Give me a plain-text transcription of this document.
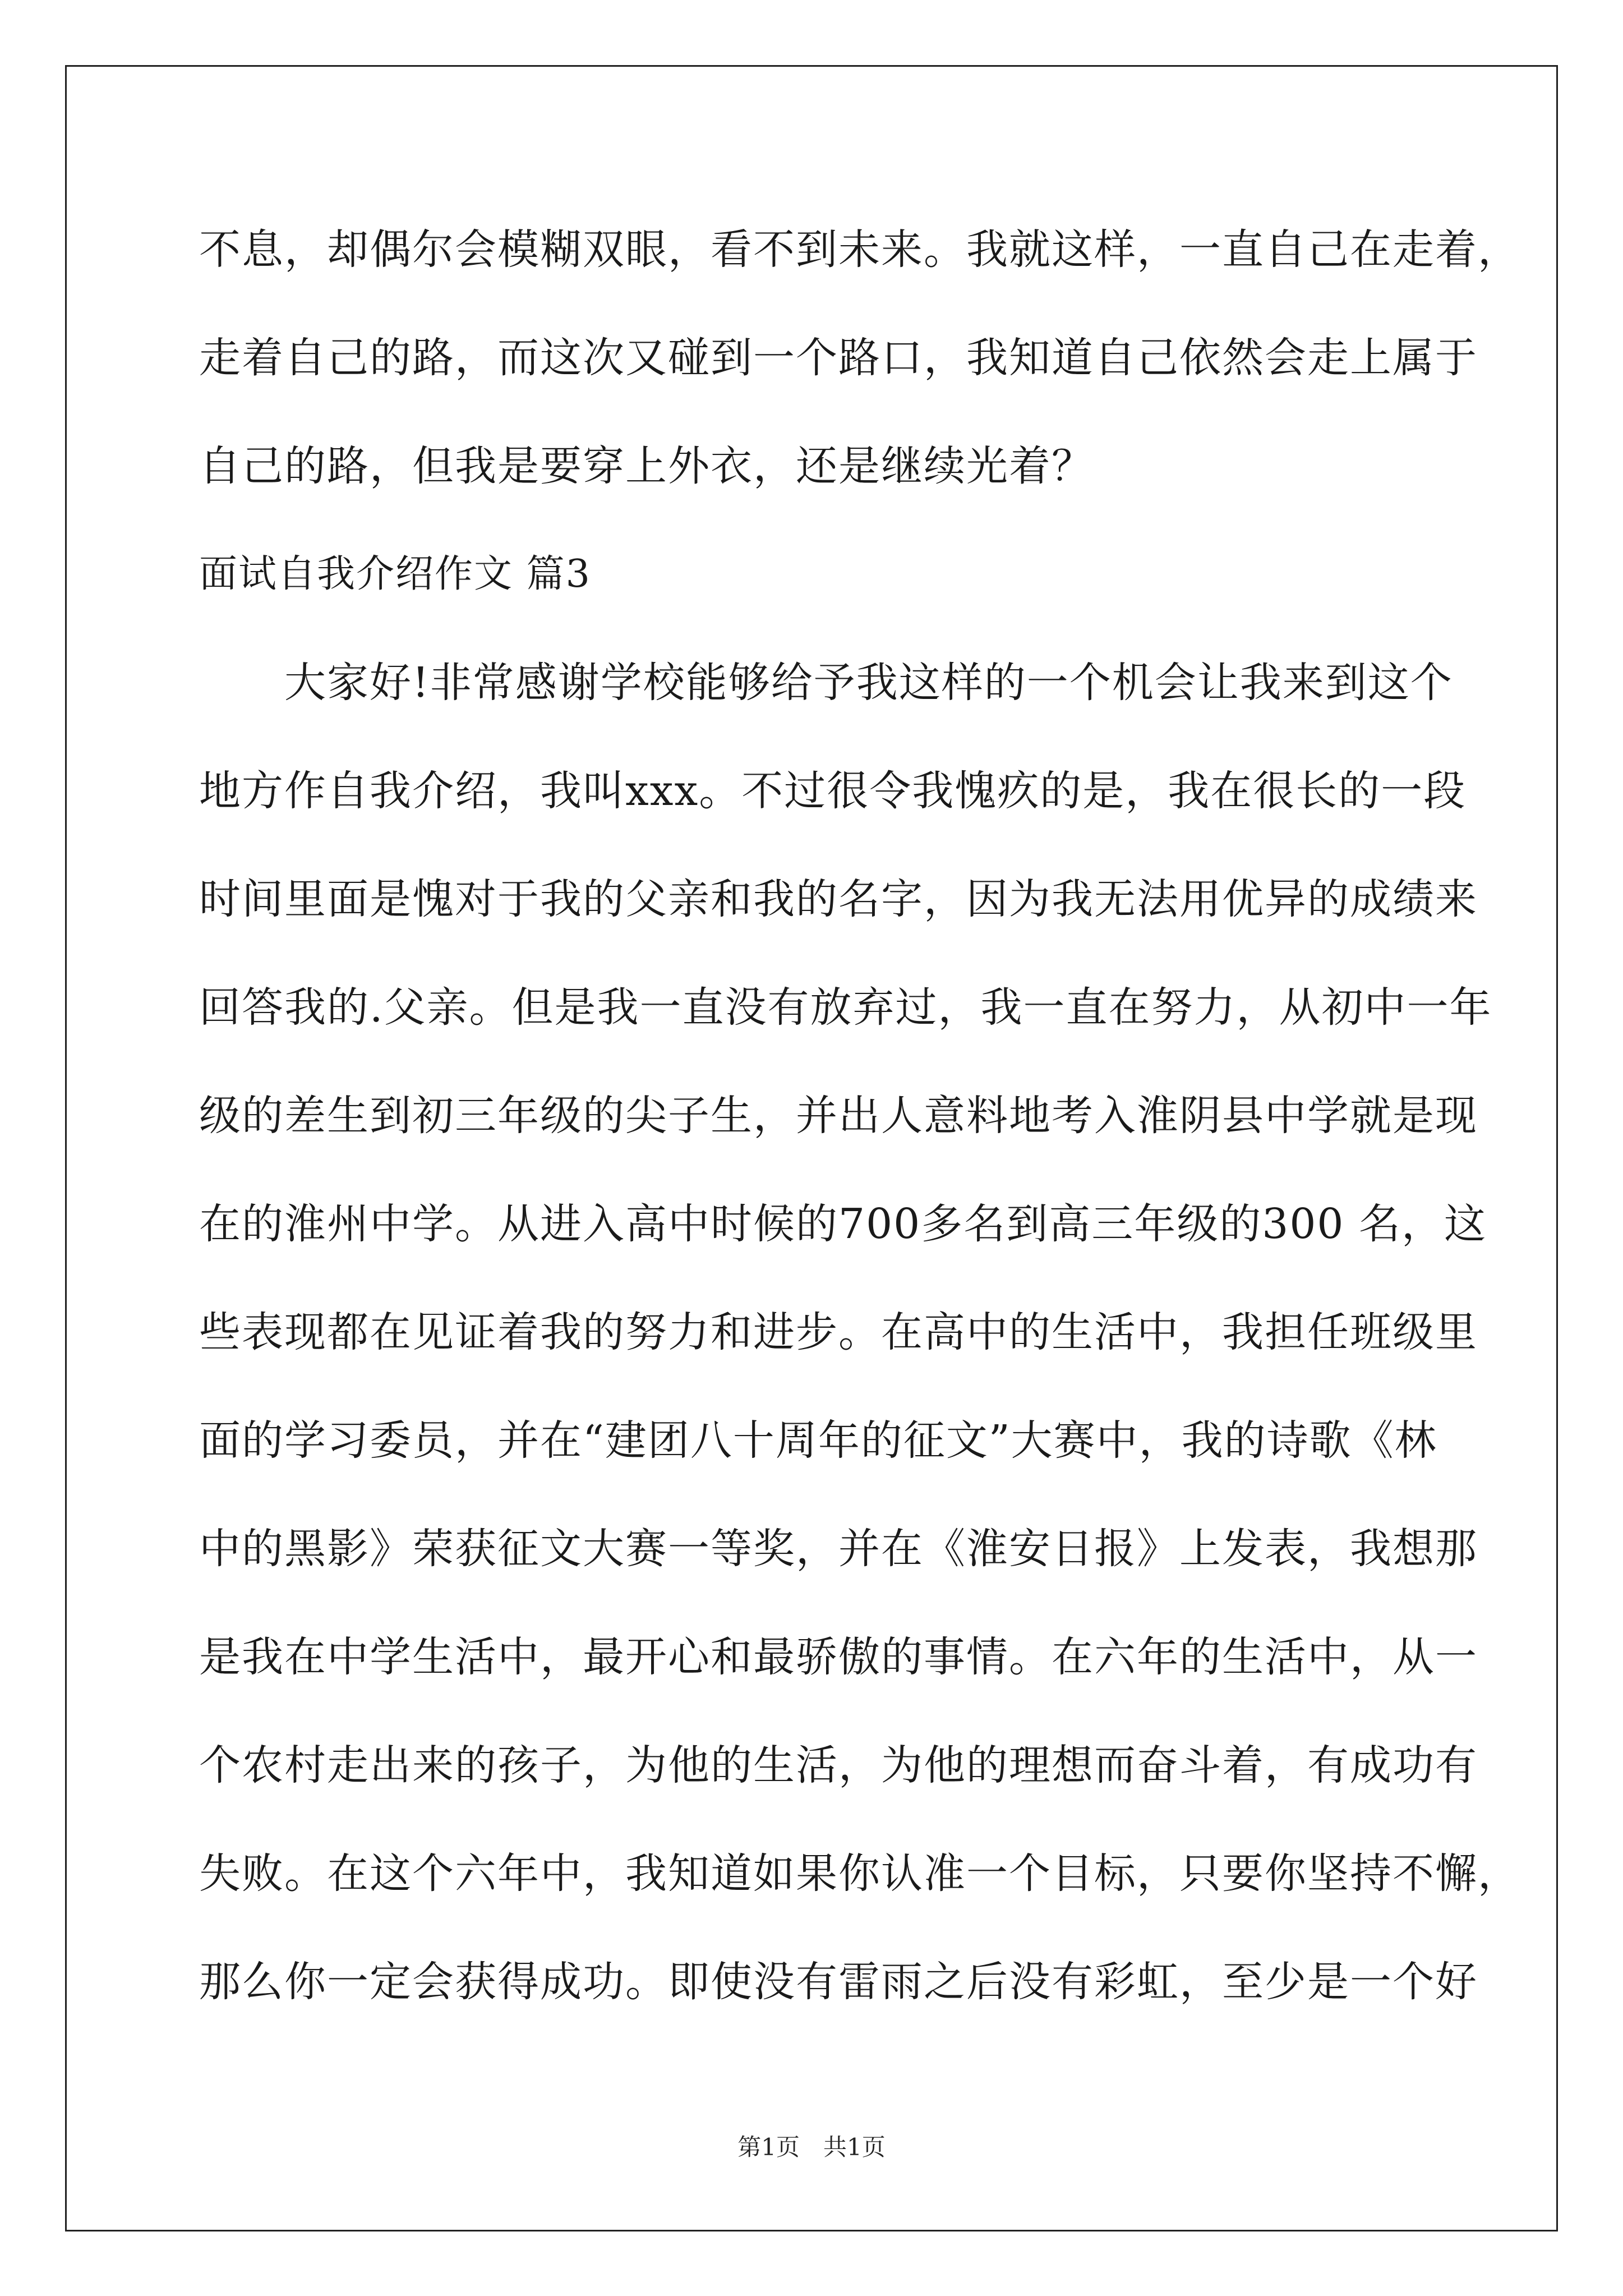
不息，却偶尔会模糊双眼，看不到未来。我就这样，一直自己在走着，
走着自己的路，而这次又碰到一个路口，我知道自己依然会走上属于
自己的路，但我是要穿上外衣，还是继续光着？
面试自我介绍作文 篇3
　　大家好!非常感谢学校能够给予我这样的一个机会让我来到这个
地方作自我介绍，我叫xxx。不过很令我愧疚的是，我在很长的一段
时间里面是愧对于我的父亲和我的名字，因为我无法用优异的成绩来
回答我的.父亲。但是我一直没有放弃过，我一直在努力，从初中一年
级的差生到初三年级的尖子生，并出人意料地考入淮阴县中学就是现
在的淮州中学。从进入高中时候的700多名到高三年级的300 名，这
些表现都在见证着我的努力和进步。在高中的生活中，我担任班级里
面的学习委员，并在“建团八十周年的征文”大赛中，我的诗歌《林
中的黑影》荣获征文大赛一等奖，并在《淮安日报》上发表，我想那
是我在中学生活中，最开心和最骄傲的事情。在六年的生活中，从一
个农村走出来的孩子，为他的生活，为他的理想而奋斗着，有成功有
失败。在这个六年中，我知道如果你认准一个目标，只要你坚持不懈，
那么你一定会获得成功。即使没有雷雨之后没有彩虹，至少是一个好
第1页　共1页
